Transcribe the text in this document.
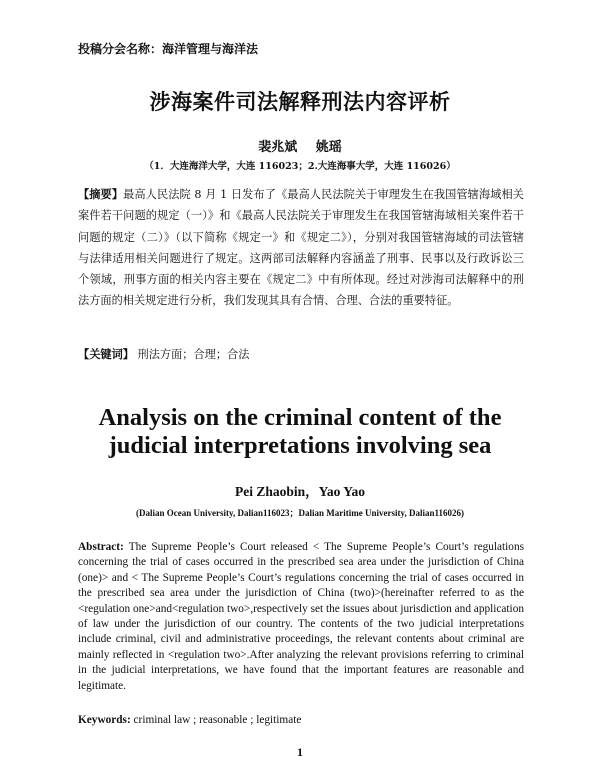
投稿分会名称：海洋管理与海洋法
涉海案件司法解释刑法内容评析
裴兆斌 姚瑶
（1．大连海洋大学，大连 116023；2.大连海事大学，大连 116026）
【摘要】最高人民法院 8 月 1 日发布了《最高人民法院关于审理发生在我国管辖海域相关案件若干问题的规定（一）》和《最高人民法院关于审理发生在我国管辖海域相关案件若干问题的规定（二）》（以下简称《规定一》和《规定二》），分别对我国管辖海域的司法管辖与法律适用相关问题进行了规定。这两部司法解释内容涵盖了刑事、民事以及行政诉讼三个领域，刑事方面的相关内容主要在《规定二》中有所体现。经过对涉海司法解释中的刑法方面的相关规定进行分析，我们发现其具有合情、合理、合法的重要特征。
【关键词】 刑法方面；合理；合法
Analysis on the criminal content of the
judicial interpretations involving sea
Pei Zhaobin，Yao Yao
(Dalian Ocean University, Dalian116023；Dalian Maritime University, Dalian116026)
Abstract: The Supreme People’s Court released < The Supreme People’s Court’s regulations concerning the trial of cases occurred in the prescribed sea area under the jurisdiction of China (one)> and < The Supreme People’s Court’s regulations concerning the trial of cases occurred in the prescribed sea area under the jurisdiction of China (two)>(hereinafter referred to as the <regulation one>and<regulation two>,respectively set the issues about jurisdiction and application of law under the jurisdiction of our country. The contents of the two judicial interpretations include criminal, civil and administrative proceedings, the relevant contents about criminal are mainly reflected in <regulation two>.After analyzing the relevant provisions referring to criminal in the judicial interpretations, we have found that the important features are reasonable and legitimate.
Keywords: criminal law ; reasonable ; legitimate
1
